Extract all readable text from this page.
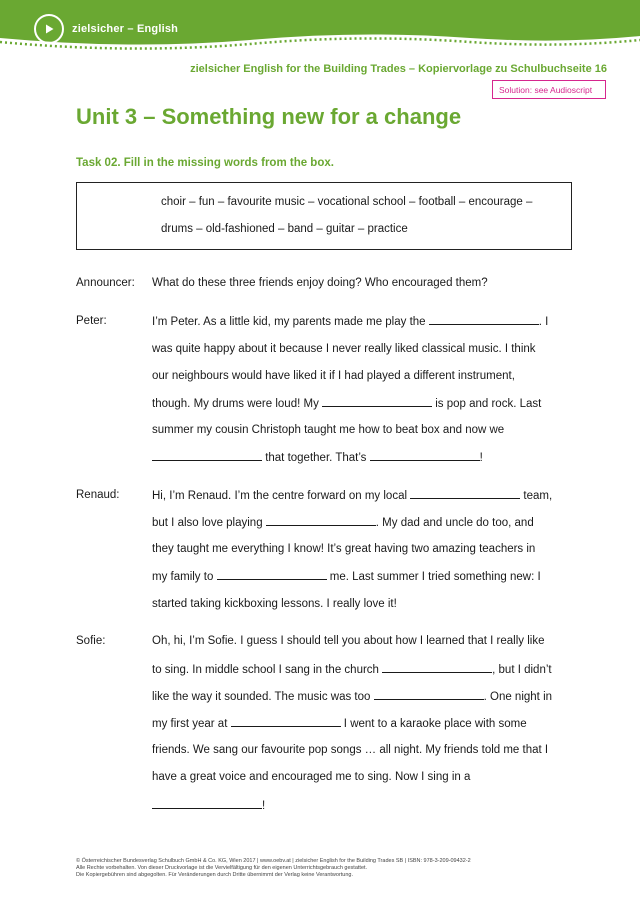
zielsicher – English
zielsicher English for the Building Trades – Kopiervorlage zu Schulbuchseite 16
Solution: see Audioscript
Unit 3 – Something new for a change
Task 02. Fill in the missing words from the box.
choir – fun – favourite music – vocational school – football – encourage –
drums – old-fashioned – band – guitar – practice
Announcer: What do these three friends enjoy doing? Who encouraged them?
Peter:	I’m Peter. As a little kid, my parents made me play the	. I
was quite happy about it because I never really liked classical music. I think
our neighbours would have liked it if I had played a different instrument,
though. My drums were loud! My	is pop and rock. Last
summer my cousin Christoph taught me how to beat box and now we
that together. That’s	!
Renaud:	Hi, I’m Renaud. I’m the centre forward on my local	team,
but I also love playing	. My dad and uncle do too, and
they taught me everything I know! It’s great having two amazing teachers in
my family to	me. Last summer I tried something new: I
started taking kickboxing lessons. I really love it!
Sofie:	Oh, hi, I’m Sofie. I guess I should tell you about how I learned that I really like
to sing. In middle school I sang in the church	, but I didn’t
like the way it sounded. The music was too	. One night in
my first year at	I went to a karaoke place with some
friends. We sang our favourite pop songs … all night. My friends told me that I
have a great voice and encouraged me to sing. Now I sing in a
!
© Österreichischer Bundesverlag Schulbuch GmbH & Co. KG, Wien 2017 | www.oebv.at | zielsicher English for the Building Trades SB | ISBN: 978-3-209-09432-2
Alle Rechte vorbehalten. Von dieser Druckvorlage ist die Vervielfältigung für den eigenen Unterrichtsgebrauch gestattet.
Die Kopiergebühren sind abgegolten. Für Veränderungen durch Dritte übernimmt der Verlag keine Verantwortung.
